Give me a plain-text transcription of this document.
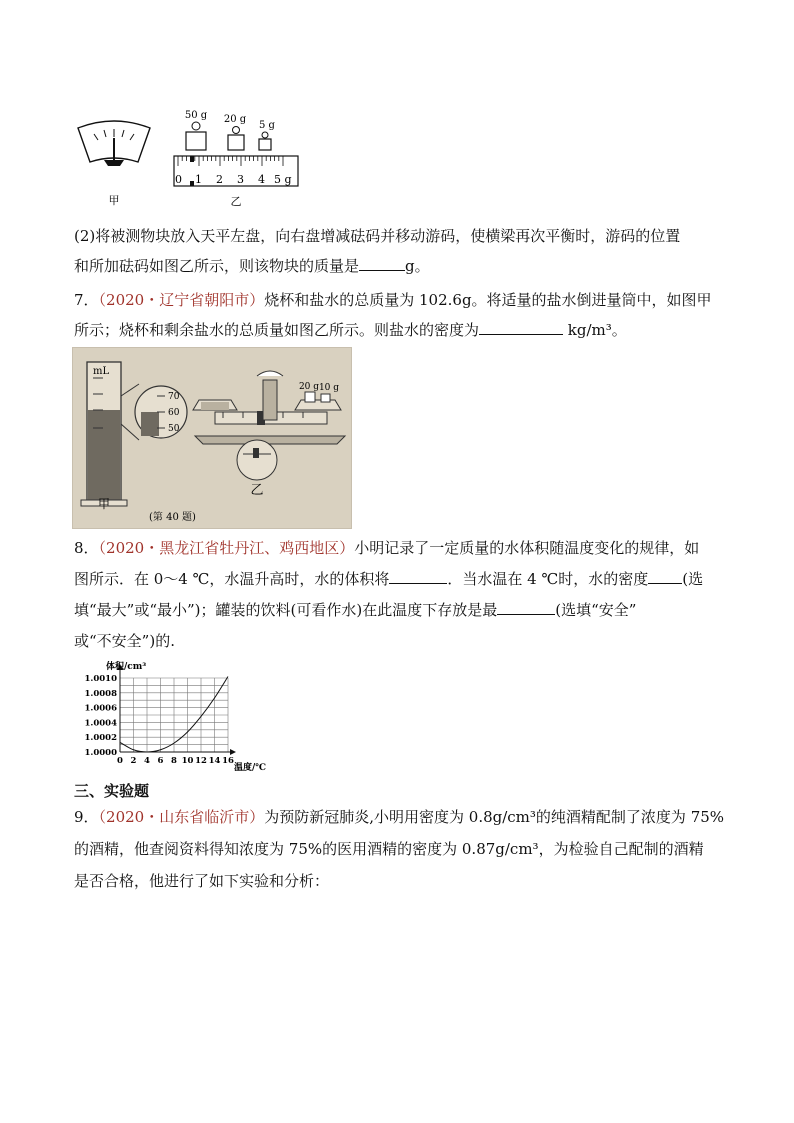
甲
50 g 20 g
5 g
0 1 2 3 4 5 g
乙
(2)将被测物块放入天平左盘，向右盘增减砝码并移动游码，使横梁再次平衡时，游码的位置
和所加砝码如图乙所示，则该物块的质量是	g。
7．（2020・辽宁省朝阳市）烧杯和盐水的总质量为 102.6g。将适量的盐水倒进量筒中，如图甲
所示；烧杯和剩余盐水的总质量如图乙所示。则盐水的密度为	kg/m³。
mL
70
60
50
甲
20 g 10 g
乙
(第 40 题)
8．（2020・黑龙江省牡丹江、鸡西地区）小明记录了一定质量的水体积随温度变化的规律，如
图所示．在 0～4 ℃，水温升高时，水的体积将	．当水温在 4 ℃时，水的密度 (选
填“最大”或“最小”)；罐装的饮料(可看作水)在此温度下存放是最	(选填“安全”
或“不安全”)的.
1.0000
1.0002
1.0004
1.0006
1.0008
1.0010
0 2 4 6 8 10 12 14 16
体积/cm³
温度/℃
三、实验题
9．（2020・山东省临沂市）为预防新冠肺炎,小明用密度为 0.8g/cm³的纯酒精配制了浓度为 75%
的酒精，他查阅资料得知浓度为 75%的医用酒精的密度为 0.87g/cm³，为检验自己配制的酒精
是否合格，他进行了如下实验和分析：
